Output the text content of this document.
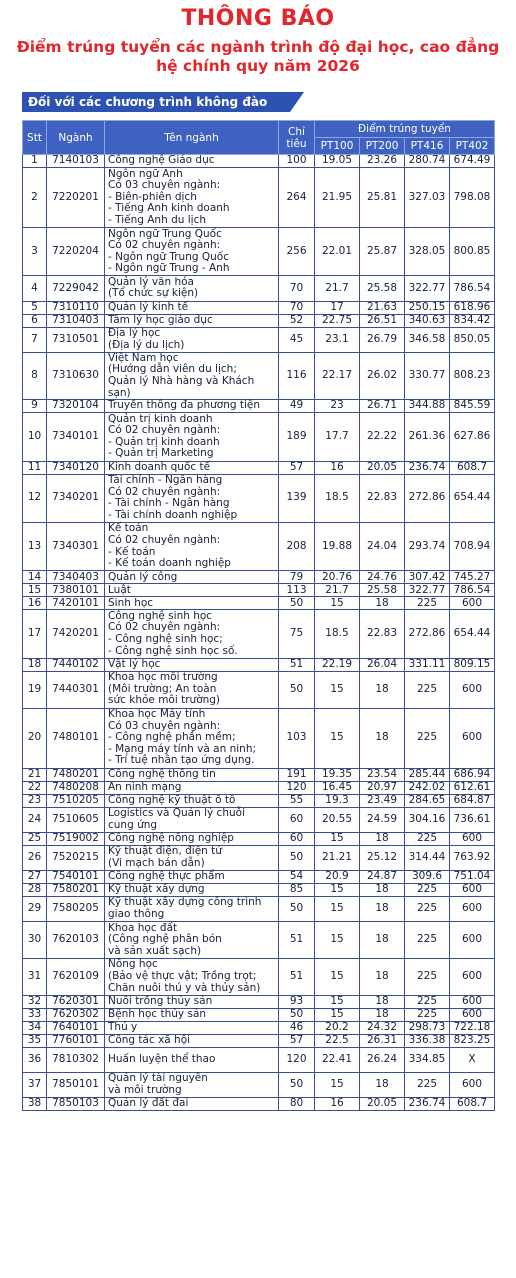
THÔNG BÁO
Điểm trúng tuyển các ngành trình độ đại học, cao đẳng
hệ chính quy năm 2026
Đối với các chương trình không đào
Stt	Ngành	Tên ngành	Chỉ tiêu	Điểm trúng tuyển			
				PT100	PT200	PT416	PT402
1	7140103	Công nghệ Giáo dục	100	19.05	23.26	280.74	674.49
2	7220201	Ngôn ngữ Anh
Có 03 chuyên ngành:
- Biên-phiên dịch
- Tiếng Anh kinh doanh
- Tiếng Anh du lịch	264	21.95	25.81	327.03	798.08
3	7220204	Ngôn ngữ Trung Quốc
Có 02 chuyên ngành:
- Ngôn ngữ Trung Quốc
- Ngôn ngữ Trung - Anh	256	22.01	25.87	328.05	800.85
4	7229042	Quản lý văn hóa
(Tổ chức sự kiện)	70	21.7	25.58	322.77	786.54
5	7310110	Quản lý kinh tế	70	17	21.63	250.15	618.96
6	7310403	Tâm lý học giáo dục	52	22.75	26.51	340.63	834.42
7	7310501	Địa lý học
(Địa lý du lịch)	45	23.1	26.79	346.58	850.05
8	7310630	Việt Nam học
(Hướng dẫn viên du lịch;
Quản lý Nhà hàng và Khách sạn)	116	22.17	26.02	330.77	808.23
9	7320104	Truyền thông đa phương tiện	49	23	26.71	344.88	845.59
10	7340101	Quản trị kinh doanh
Có 02 chuyên ngành:
- Quản trị kinh doanh
- Quản trị Marketing	189	17.7	22.22	261.36	627.86
11	7340120	Kinh doanh quốc tế	57	16	20.05	236.74	608.7
12	7340201	Tài chính - Ngân hàng
Có 02 chuyên ngành:
- Tài chính - Ngân hàng
- Tài chính doanh nghiệp	139	18.5	22.83	272.86	654.44
13	7340301	Kế toán
Có 02 chuyên ngành:
- Kế toán
- Kế toán doanh nghiệp	208	19.88	24.04	293.74	708.94
14	7340403	Quản lý công	79	20.76	24.76	307.42	745.27
15	7380101	Luật	113	21.7	25.58	322.77	786.54
16	7420101	Sinh học	50	15	18	225	600
17	7420201	Công nghệ sinh học
Có 02 chuyên ngành:
- Công nghệ sinh học;
- Công nghệ sinh học số.	75	18.5	22.83	272.86	654.44
18	7440102	Vật lý học	51	22.19	26.04	331.11	809.15
19	7440301	Khoa học môi trường
(Môi trường; An toàn
sức khỏe môi trường)	50	15	18	225	600
20	7480101	Khoa học Máy tính
Có 03 chuyên ngành:
- Công nghệ phần mềm;
- Mạng máy tính và an ninh;
- Trí tuệ nhân tạo ứng dụng.	103	15	18	225	600
21	7480201	Công nghệ thông tin	191	19.35	23.54	285.44	686.94
22	7480208	An ninh mạng	120	16.45	20.97	242.02	612.61
23	7510205	Công nghệ kỹ thuật ô tô	55	19.3	23.49	284.65	684.87
24	7510605	Logistics và Quản lý chuỗi
cung ứng	60	20.55	24.59	304.16	736.61
25	7519002	Công nghệ nông nghiệp	60	15	18	225	600
26	7520215	Kỹ thuật điện, điện tử
(Vi mạch bán dẫn)	50	21.21	25.12	314.44	763.92
27	7540101	Công nghệ thực phẩm	54	20.9	24.87	309.6	751.04
28	7580201	Kỹ thuật xây dựng	85	15	18	225	600
29	7580205	Kỹ thuật xây dựng công trình
giao thông	50	15	18	225	600
30	7620103	Khoa học đất
(Công nghệ phân bón
và sản xuất sạch)	51	15	18	225	600
31	7620109	Nông học
(Bảo vệ thực vật; Trồng trọt;
Chăn nuôi thú y và thủy sản)	51	15	18	225	600
32	7620301	Nuôi trồng thủy sản	93	15	18	225	600
33	7620302	Bệnh học thủy sản	50	15	18	225	600
34	7640101	Thú y	46	20.2	24.32	298.73	722.18
35	7760101	Công tác xã hội	57	22.5	26.31	336.38	823.25
36	7810302	Huấn luyện thể thao	120	22.41	26.24	334.85	X
37	7850101	Quản lý tài nguyên
và môi trường	50	15	18	225	600
38	7850103	Quản lý đất đai	80	16	20.05	236.74	608.7
